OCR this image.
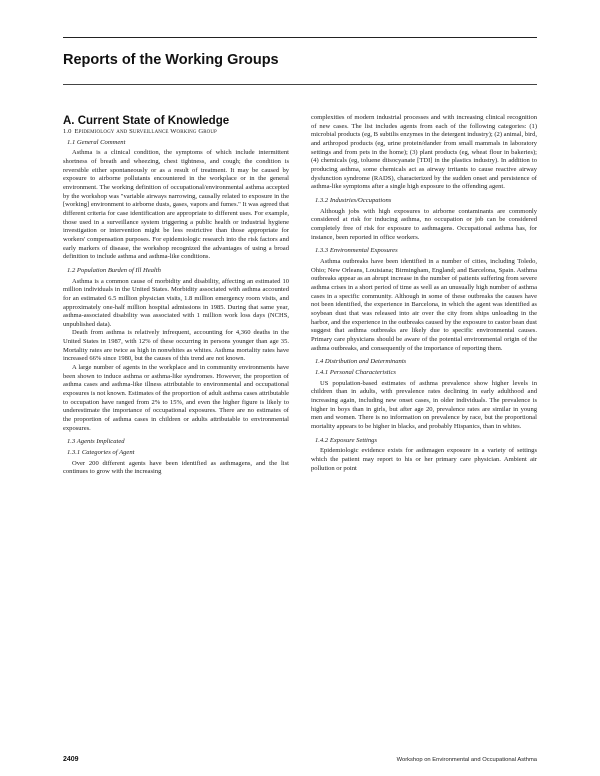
Reports of the Working Groups
A. Current State of Knowledge
1.0 Epidemiology and Surveillance Working Group
1.1 General Comment

Asthma is a clinical condition, the symptoms of which include intermittent shortness of breath and wheezing, chest tightness, and cough; the condition is reversible either spontaneously or as a result of treatment. It may be caused by exposure to airborne pollutants encountered in the workplace or in the general environment. The working definition of occupational/environmental asthma accepted by the workshop was "variable airways narrowing, causally related to exposure in the [working] environment to airborne dusts, gases, vapors and fumes." It was agreed that different criteria for case identification are appropriate to different uses. For example, those used in a surveillance system triggering a public health or industrial hygiene investigation or intervention might be less restrictive than those appropriate for workers' compensation purposes. For epidemiologic research into the risk factors and early markers of disease, the workshop recognized the advantages of using a broad definition to include asthma and asthma-like conditions.

1.2 Population Burden of Ill Health

Asthma is a common cause of morbidity and disability, affecting an estimated 10 million individuals in the United States. Morbidity associated with asthma accounted for an estimated 6.5 million physician visits, 1.8 million emergency room visits, and approximately one-half million hospital admissions in 1985. During that same year, asthma-associated disability was associated with 1 million work loss days (NCHS, unpublished data).

Death from asthma is relatively infrequent, accounting for 4,360 deaths in the United States in 1987, with 12% of these occurring in persons younger than age 35. Mortality rates are twice as high in nonwhites as whites. Asthma mortality rates have increased 66% since 1980, but the causes of this trend are not known.

A large number of agents in the workplace and in community environments have been shown to induce asthma or asthma-like syndromes. However, the proportion of asthma cases and asthma-like illness attributable to environmental and occupational exposures is not known. Estimates of the proportion of adult asthma cases attributable to occupation have ranged from 2% to 15%, and even the higher figure is likely to underestimate the importance of occupational exposures. There are no estimates of the proportion of asthma cases in children or adults attributable to environmental exposures.

1.3 Agents Implicated
1.3.1 Categories of Agent

Over 200 different agents have been identified as asthmagens, and the list continues to grow with the increasing

complexities of modern industrial processes and with increasing clinical recognition of new cases. The list includes agents from each of the following categories: (1) microbial products (eg, B subtilis enzymes in the detergent industry); (2) animal, bird, and arthropod products (eg, urine protein/dander from small mammals in laboratory settings and from pets in the home); (3) plant products (eg, wheat flour in bakeries); (4) chemicals (eg, toluene diisocyanate [TDI] in the plastics industry). In addition to producing asthma, some chemicals act as airway irritants to cause reactive airway dysfunction syndrome (RADS), characterized by the sudden onset and persistence of asthma-like symptoms after a single high exposure to the offending agent.

1.3.2 Industries/Occupations

Although jobs with high exposures to airborne contaminants are commonly considered at risk for inducing asthma, no occupation or job can be considered completely free of risk for exposure to asthmagens. Occupational asthma has, for instance, been reported in office workers.

1.3.3 Environmental Exposures

Asthma outbreaks have been identified in a number of cities, including Toledo, Ohio; New Orleans, Louisiana; Birmingham, England; and Barcelona, Spain. Asthma outbreaks appear as an abrupt increase in the number of patients suffering from severe asthma crises in a short period of time as well as an unusually high number of asthma cases in a specific community. Although in some of these outbreaks the causes have not been identified, the experience in Barcelona, in which the agent was identified as soybean dust that was released into air over the city from ships unloading in the harbor, and the experience in the outbreaks caused by the exposure to castor bean dust suggest that asthma outbreaks are likely due to specific environmental causes. Primary care physicians should be aware of the potential environmental origin of the asthma outbreaks, and consequently of the importance of reporting them.

1.4 Distribution and Determinants
1.4.1 Personal Characteristics

US population-based estimates of asthma prevalence show higher levels in children than in adults, with prevalence rates declining in early adulthood and increasing again, including new onset cases, in older individuals. The prevalence is higher in boys than in girls, but after age 20, prevalence rates are similar in young men and women. There is no information on prevalence by race, but the proportional mortality appears to be higher in blacks, and probably Hispanics, than in whites.

1.4.2 Exposure Settings

Epidemiologic evidence exists for asthmagen exposure in a variety of settings which the patient may report to his or her primary care physician. Ambient air pollution or point

2409	Workshop on Environmental and Occupational Asthma
